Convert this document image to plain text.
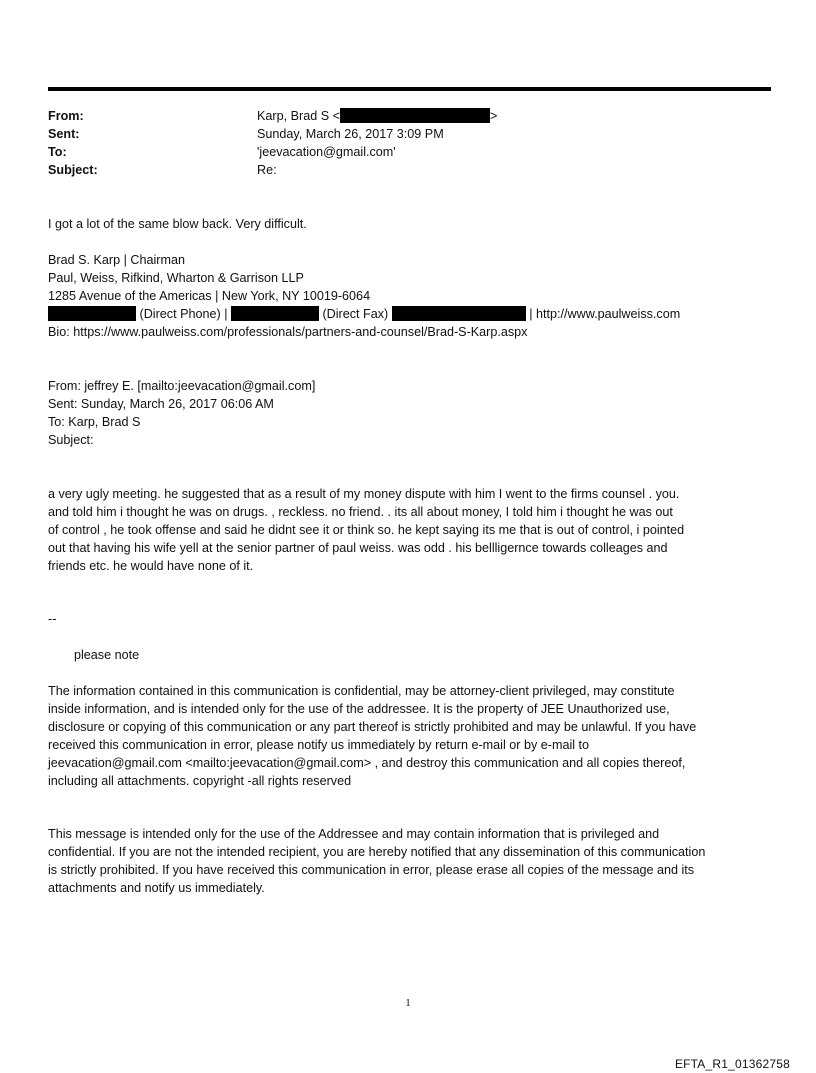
From:	Karp, Brad S <	>
Sent:	Sunday, March 26, 2017 3:09 PM
To:	'jeevacation@gmail.com'
Subject:	Re:
I got a lot of the same blow back. Very difficult.
Brad S. Karp | Chairman
Paul, Weiss, Rifkind, Wharton & Garrison LLP
1285 Avenue of the Americas | New York, NY 10019-6064
(Direct Phone) |	(Direct Fax)	| http://www.paulweiss.com
Bio: https://www.paulweiss.com/professionals/partners-and-counsel/Brad-S-Karp.aspx
From: jeffrey E. [mailto:jeevacation@gmail.com]
Sent: Sunday, March 26, 2017 06:06 AM
To: Karp, Brad S
Subject:
a very ugly meeting. he suggested that as a result of my money dispute with him I went to the firms counsel . you.
and told him i thought he was on drugs. , reckless. no friend. . its all about money, I told him i thought he was out
of control , he took offense and said he didnt see it or think so. he kept saying its me that is out of control, i pointed
out that having his wife yell at the senior partner of paul weiss. was odd . his bellligernce towards colleages and
friends etc. he would have none of it.
--
please note
The information contained in this communication is confidential, may be attorney-client privileged, may constitute
inside information, and is intended only for the use of the addressee. It is the property of JEE Unauthorized use,
disclosure or copying of this communication or any part thereof is strictly prohibited and may be unlawful. If you have
received this communication in error, please notify us immediately by return e-mail or by e-mail to
jeevacation@gmail.com <mailto:jeevacation@gmail.com> , and destroy this communication and all copies thereof,
including all attachments. copyright -all rights reserved
This message is intended only for the use of the Addressee and may contain information that is privileged and
confidential. If you are not the intended recipient, you are hereby notified that any dissemination of this communication
is strictly prohibited. If you have received this communication in error, please erase all copies of the message and its
attachments and notify us immediately.
1
EFTA_R1_01362758
